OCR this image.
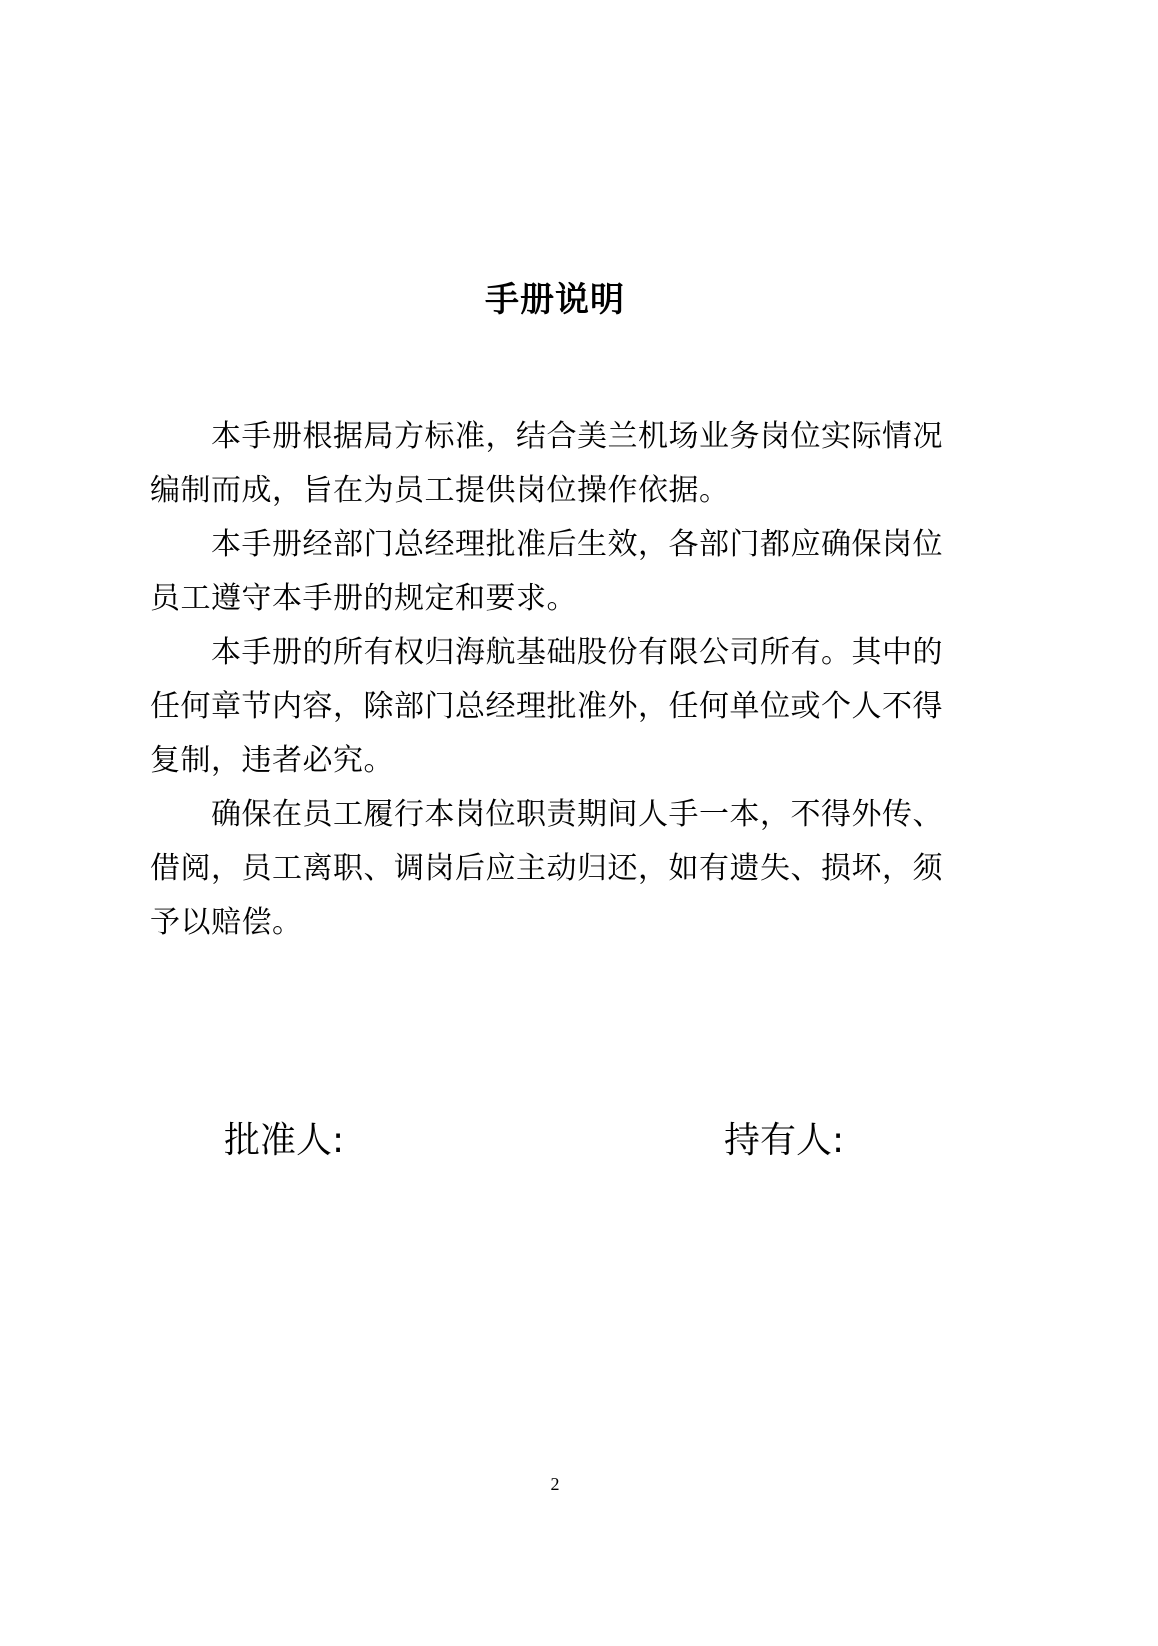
手册说明
本手册根据局方标准，结合美兰机场业务岗位实际情况
编制而成，旨在为员工提供岗位操作依据。
本手册经部门总经理批准后生效，各部门都应确保岗位
员工遵守本手册的规定和要求。
本手册的所有权归海航基础股份有限公司所有。其中的
任何章节内容，除部门总经理批准外，任何单位或个人不得
复制，违者必究。
确保在员工履行本岗位职责期间人手一本，不得外传、
借阅，员工离职、调岗后应主动归还，如有遗失、损坏，须
予以赔偿。
批准人:	持有人:
2
